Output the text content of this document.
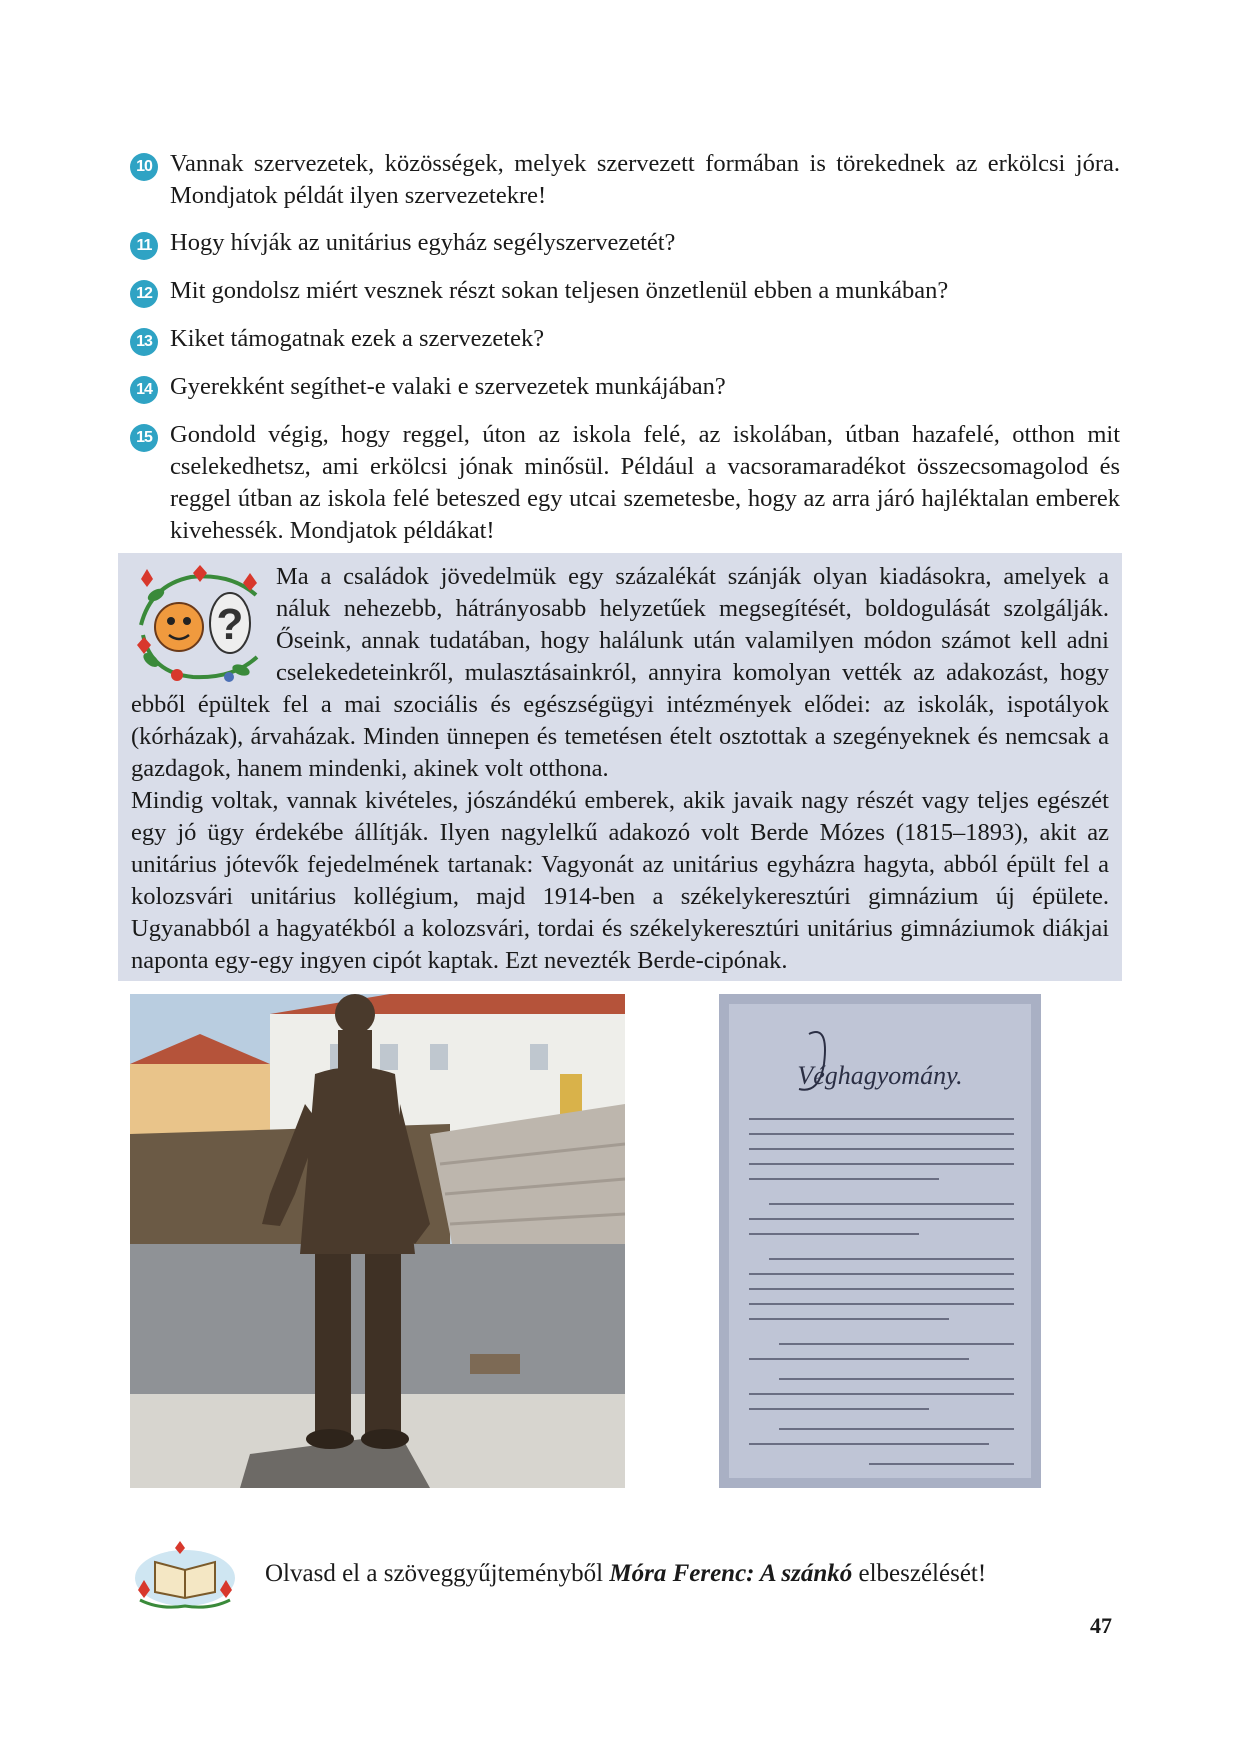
10 Vannak szervezetek, közösségek, melyek szervezett formában is törekednek az erkölcsi jóra. Mondjatok példát ilyen szervezetekre!
11 Hogy hívják az unitárius egyház segélyszervezetét?
12 Mit gondolsz miért vesznek részt sokan teljesen önzetlenül ebben a munkában?
13 Kiket támogatnak ezek a szervezetek?
14 Gyerekként segíthet-e valaki e szervezetek munkájában?
15 Gondold végig, hogy reggel, úton az iskola felé, az iskolában, útban hazafelé, otthon mit cselekedhetsz, ami erkölcsi jónak minősül. Például a vacsoramaradékot összecsomagolod és reggel útban az iskola felé beteszed egy utcai szemetesbe, hogy az arra járó hajléktalan emberek kivehessék. Mondjatok példákat!
?

Ma a családok jövedelmük egy százalékát szánják olyan kiadásokra, amelyek a náluk nehezebb, hátrányosabb helyzetűek megsegítését, boldogulását szolgálják. Őseink, annak tudatában, hogy halálunk után valamilyen módon számot kell adni cselekedeteinkről, mulasztásainkról, annyira komolyan vették az adakozást, hogy ebből épültek fel a mai szociális és egészségügyi intézmények elődei: az iskolák, ispotályok (kórházak), árvaházak. Minden ünnepen és temetésen ételt osztottak a szegényeknek és nemcsak a gazdagok, hanem mindenki, akinek volt otthona.

Mindig voltak, vannak kivételes, jószándékú emberek, akik javaik nagy részét vagy teljes egészét egy jó ügy érdekébe állítják. Ilyen nagylelkű adakozó volt Berde Mózes (1815–1893), akit az unitárius jótevők fejedelmének tartanak: Vagyonát az unitárius egyházra hagyta, abból épült fel a kolozsvári unitárius kollégium, majd 1914-ben a székelykeresztúri gimnázium új épülete. Ugyanabból a hagyatékból a kolozsvári, tordai és székelykeresztúri unitárius gimnáziumok diákjai naponta egy-egy ingyen cipót kaptak. Ezt nevezték Berde-cipónak.

Véghagyomány.
Olvasd el a szöveggyűjteményből Móra Ferenc: A szánkó elbeszélését!
47
